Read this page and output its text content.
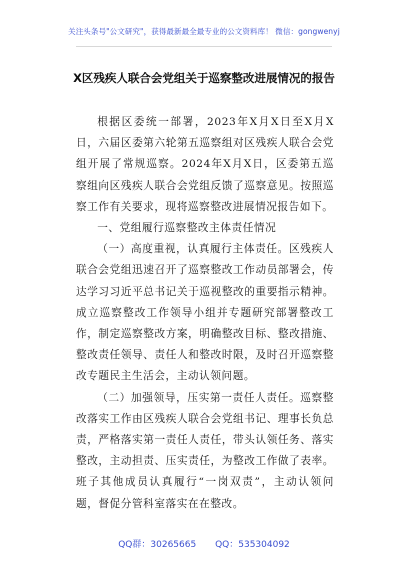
关注头条号"公文研究"，获得最新最全最专业的公文资料库！ 微信：gongwenyj
X区残疾人联合会党组关于巡察整改进展情况的报告

根据区委统一部署，2023年X月X日至X月X日，六届区委第六轮第五巡察组对区残疾人联合会党组开展了常规巡察。2024年X月X日，区委第五巡察组向区残疾人联合会党组反馈了巡察意见。按照巡察工作有关要求，现将巡察整改进展情况报告如下。

一、党组履行巡察整改主体责任情况

（一）高度重视，认真履行主体责任。区残疾人联合会党组迅速召开了巡察整改工作动员部署会，传达学习习近平总书记关于巡视整改的重要指示精神。成立巡察整改工作领导小组并专题研究部署整改工作，制定巡察整改方案，明确整改目标、整改措施、整改责任领导、责任人和整改时限，及时召开巡察整改专题民主生活会，主动认领问题。

（二）加强领导，压实第一责任人责任。巡察整改落实工作由区残疾人联合会党组书记、理事长负总责，严格落实第一责任人责任，带头认领任务、落实整改，主动担责、压实责任，为整改工作做了表率。班子其他成员认真履行“一岗双责”，主动认领问题，督促分管科室落实在在整改。

QQ群：30265665 QQ：535304092
